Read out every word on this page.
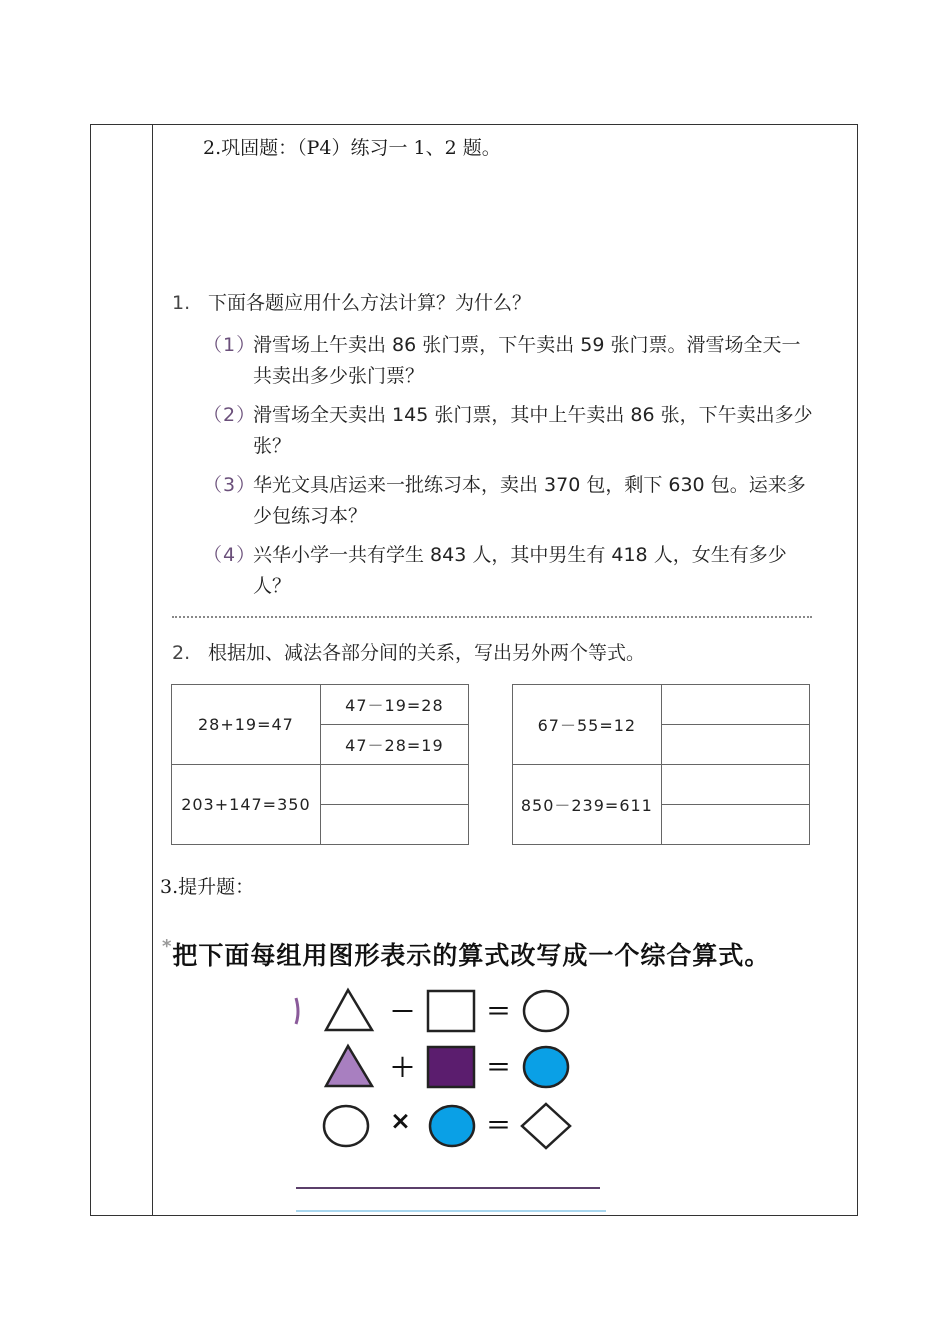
2.巩固题：（P4）练习一 1、2 题。
1. 下面各题应用什么方法计算？为什么？
（1）
滑雪场上午卖出 86 张门票，下午卖出 59 张门票。滑雪场全天一共卖出多少张门票？
（2）
滑雪场全天卖出 145 张门票，其中上午卖出 86 张，下午卖出多少张？
（3）
华光文具店运来一批练习本，卖出 370 包，剩下 630 包。运来多少包练习本？
（4）
兴华小学一共有学生 843 人，其中男生有 418 人，女生有多少人？
2. 根据加、减法各部分间的关系，写出另外两个等式。
28+19=47	47－19=28
	47－28=19
203+147=350	

67－55=12	

850－239=611	

3.提升题：
*把下面每组用图形表示的算式改写成一个综合算式。
－	＝
＋	＝
×	＝
